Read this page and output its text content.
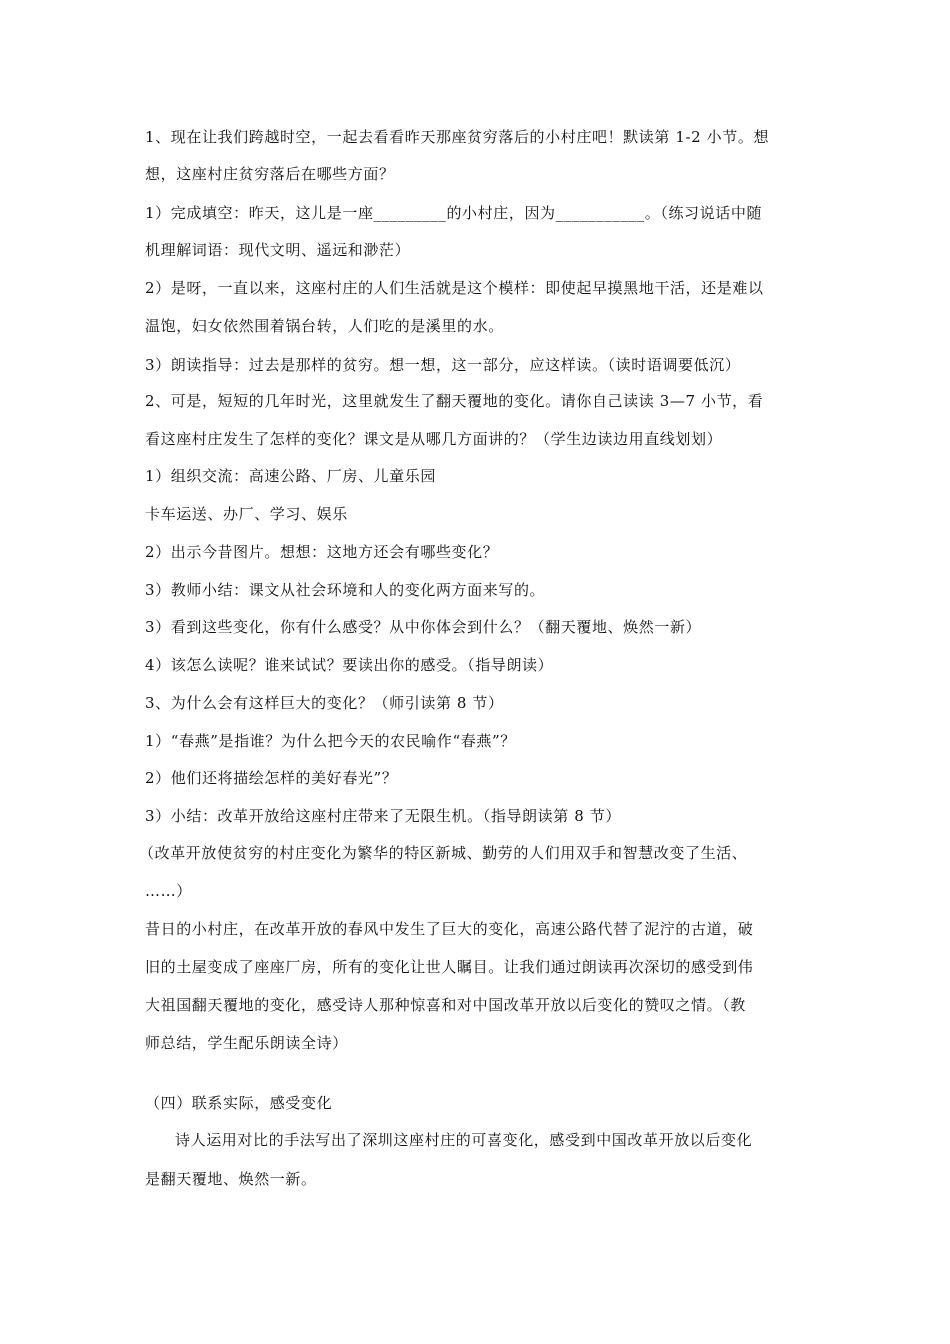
1、现在让我们跨越时空，一起去看看昨天那座贫穷落后的小村庄吧！默读第 1-2 小节。想
想，这座村庄贫穷落后在哪些方面？
1）完成填空：昨天，这儿是一座_________的小村庄，因为___________。（练习说话中随
机理解词语：现代文明、遥远和渺茫）
2）是呀，一直以来，这座村庄的人们生活就是这个模样：即使起早摸黑地干活，还是难以
温饱，妇女依然围着锅台转，人们吃的是溪里的水。
3）朗读指导：过去是那样的贫穷。想一想，这一部分，应这样读。（读时语调要低沉）
2、可是，短短的几年时光，这里就发生了翻天覆地的变化。请你自己读读 3—7 小节，看
看这座村庄发生了怎样的变化？课文是从哪几方面讲的？（学生边读边用直线划划）
1）组织交流：高速公路、厂房、儿童乐园
卡车运送、办厂、学习、娱乐
2）出示今昔图片。想想：这地方还会有哪些变化？
3）教师小结：课文从社会环境和人的变化两方面来写的。
3）看到这些变化，你有什么感受？从中你体会到什么？（翻天覆地、焕然一新）
4）该怎么读呢？谁来试试？要读出你的感受。（指导朗读）
3、为什么会有这样巨大的变化？（师引读第 8 节）
1）“春燕”是指谁？为什么把今天的农民喻作“春燕”？
2）他们还将描绘怎样的美好春光”？
3）小结：改革开放给这座村庄带来了无限生机。（指导朗读第 8 节）
（改革开放使贫穷的村庄变化为繁华的特区新城、勤劳的人们用双手和智慧改变了生活、
……）
昔日的小村庄，在改革开放的春风中发生了巨大的变化，高速公路代替了泥泞的古道，破
旧的土屋变成了座座厂房，所有的变化让世人瞩目。让我们通过朗读再次深切的感受到伟
大祖国翻天覆地的变化，感受诗人那种惊喜和对中国改革开放以后变化的赞叹之情。（教
师总结，学生配乐朗读全诗）
（四）联系实际，感受变化
诗人运用对比的手法写出了深圳这座村庄的可喜变化，感受到中国改革开放以后变化
是翻天覆地、焕然一新。
